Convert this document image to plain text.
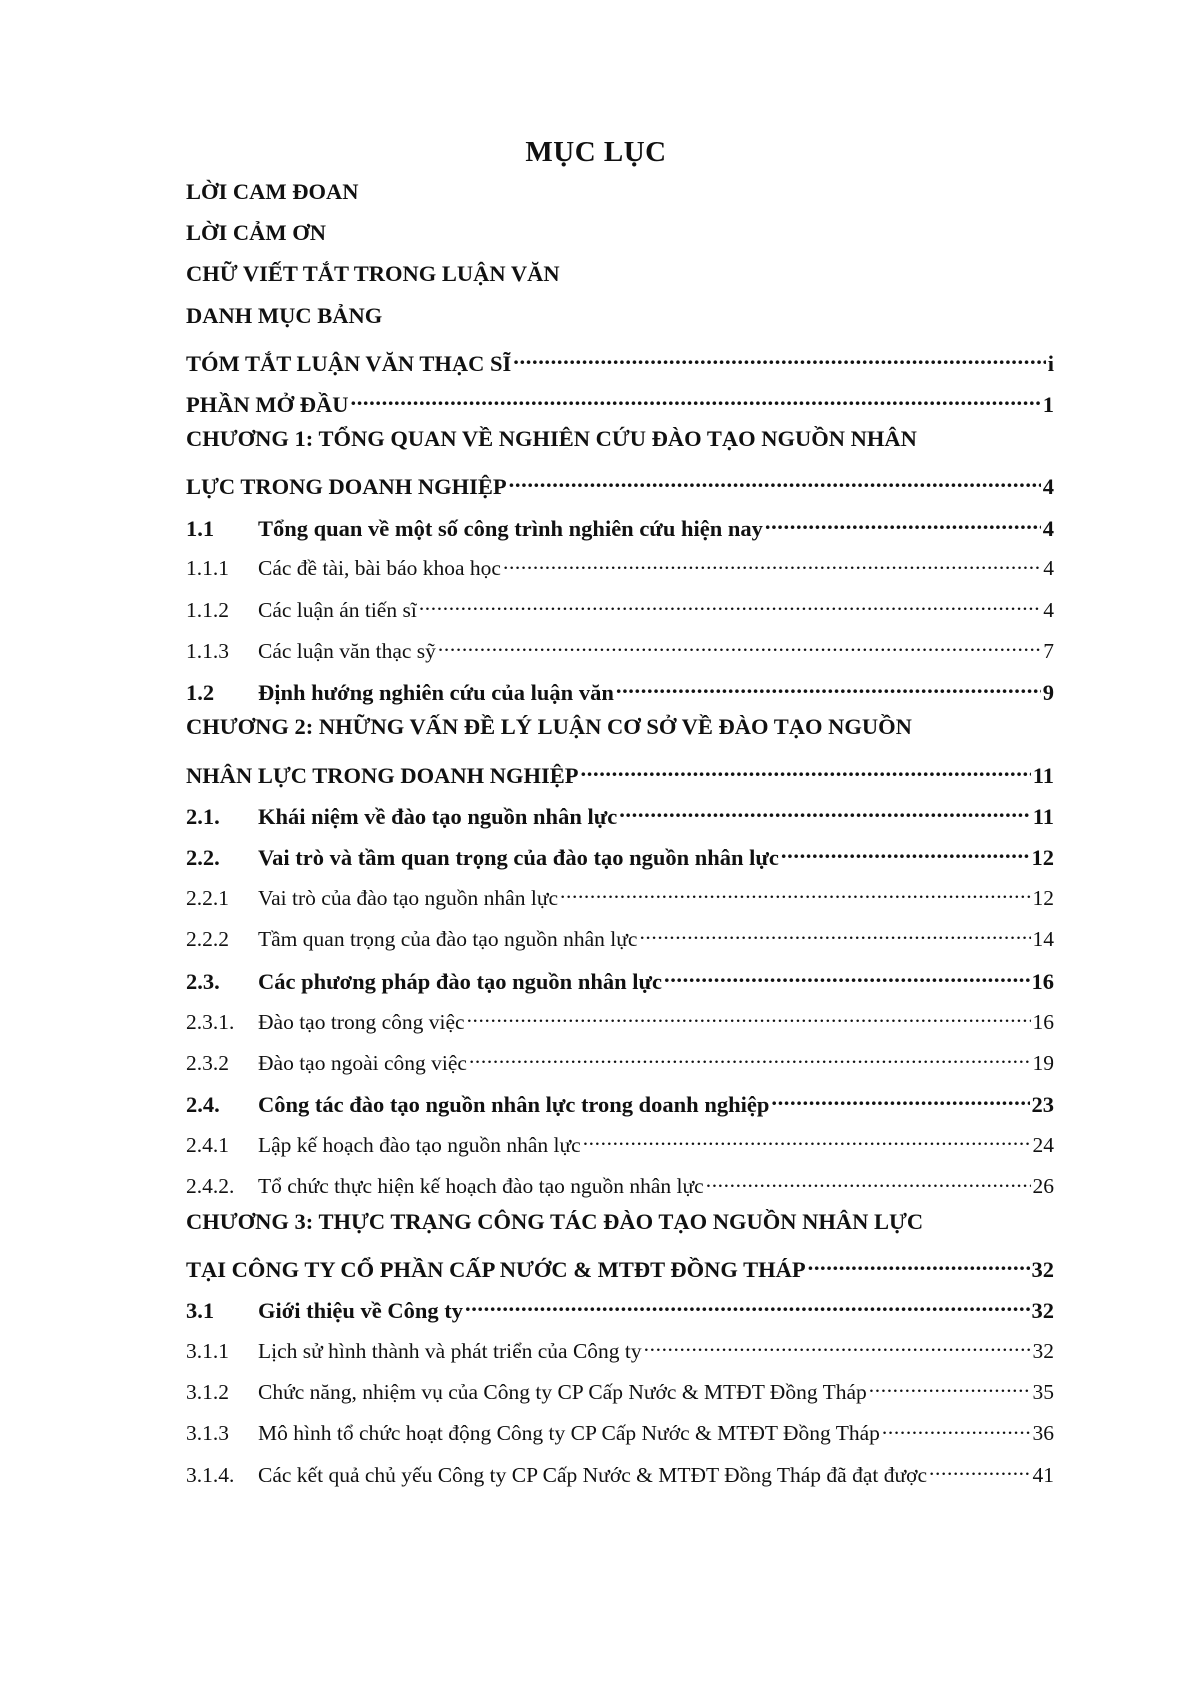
MỤC LỤC
LỜI CAM ĐOAN
LỜI CẢM ƠN
CHỮ VIẾT TẮT TRONG LUẬN VĂN
DANH MỤC BẢNG
TÓM TẮT LUẬN VĂN THẠC SĨ .....	i
PHẦN MỞ ĐẦU .....	1
CHƯƠNG 1: TỔNG QUAN VỀ NGHIÊN CỨU ĐÀO TẠO NGUỒN NHÂN
LỰC TRONG DOANH NGHIỆP .....	4
1.1	Tổng quan về một số công trình nghiên cứu hiện nay .....	4
1.1.1	Các đề tài, bài báo khoa học .....	4
1.1.2	Các luận án tiến sĩ .....	4
1.1.3	Các luận văn thạc sỹ .....	7
1.2	Định hướng nghiên cứu của luận văn .....	9
CHƯƠNG 2: NHỮNG VẤN ĐỀ LÝ LUẬN CƠ SỞ VỀ ĐÀO TẠO NGUỒN
NHÂN LỰC TRONG DOANH NGHIỆP .....	11
2.1.	Khái niệm về đào tạo nguồn nhân lực .....	11
2.2.	Vai trò và tầm quan trọng của đào tạo nguồn nhân lực .....	12
2.2.1	Vai trò của đào tạo nguồn nhân lực .....	12
2.2.2	Tầm quan trọng của đào tạo nguồn nhân lực .....	14
2.3.	Các phương pháp đào tạo nguồn nhân lực .....	16
2.3.1.	Đào tạo trong công việc .....	16
2.3.2	Đào tạo ngoài công việc .....	19
2.4.	Công tác đào tạo nguồn nhân lực trong doanh nghiệp .....	23
2.4.1	Lập kế hoạch đào tạo nguồn nhân lực .....	24
2.4.2.	Tổ chức thực hiện kế hoạch đào tạo nguồn nhân lực .....	26
CHƯƠNG 3: THỰC TRẠNG CÔNG TÁC ĐÀO TẠO NGUỒN NHÂN LỰC
TẠI CÔNG TY CỔ PHẦN CẤP NƯỚC & MTĐT ĐỒNG THÁP .....	32
3.1	Giới thiệu về Công ty .....	32
3.1.1	Lịch sử hình thành và phát triển của Công ty .....	32
3.1.2	Chức năng, nhiệm vụ của Công ty CP Cấp Nước & MTĐT Đồng Tháp .....	35
3.1.3	Mô hình tổ chức hoạt động Công ty CP Cấp Nước & MTĐT Đồng Tháp .....	36
3.1.4.	Các kết quả chủ yếu Công ty CP Cấp Nước & MTĐT Đồng Tháp đã đạt được .....	41
